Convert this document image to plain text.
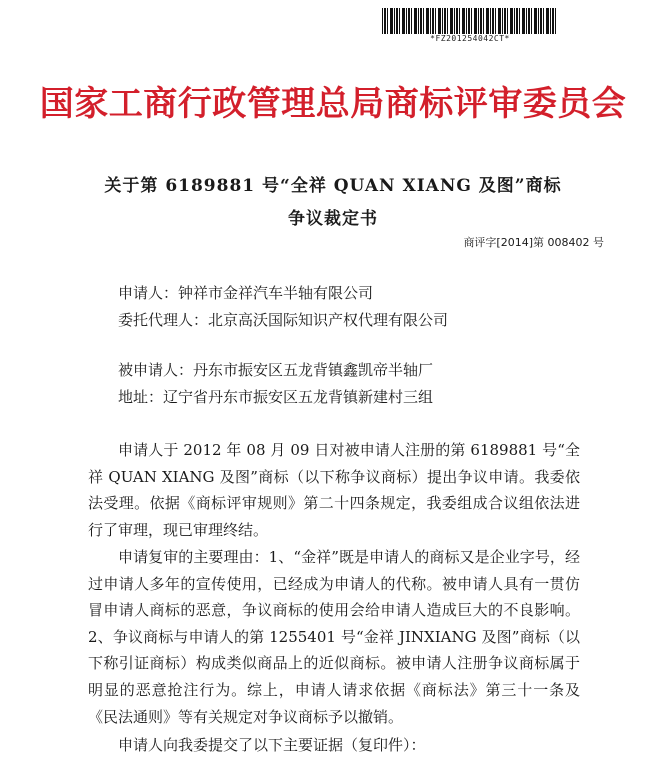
*FZ201254042CT*
国家工商行政管理总局商标评审委员会
关于第 6189881 号“全祥 QUAN XIANG 及图”商标
争议裁定书
商评字[2014]第 008402 号
申请人：钟祥市金祥汽车半轴有限公司
委托代理人：北京高沃国际知识产权代理有限公司
被申请人：丹东市振安区五龙背镇鑫凯帝半轴厂
地址：辽宁省丹东市振安区五龙背镇新建村三组

申请人于 2012 年 08 月 09 日对被申请人注册的第 6189881 号“全祥 QUAN XIANG 及图”商标（以下称争议商标）提出争议申请。我委依法受理。依据《商标评审规则》第二十四条规定，我委组成合议组依法进行了审理，现已审理终结。

申请复审的主要理由：1、“金祥”既是申请人的商标又是企业字号，经过申请人多年的宣传使用，已经成为申请人的代称。被申请人具有一贯仿冒申请人商标的恶意，争议商标的使用会给申请人造成巨大的不良影响。2、争议商标与申请人的第 1255401 号“金祥 JINXIANG 及图”商标（以下称引证商标）构成类似商品上的近似商标。被申请人注册争议商标属于明显的恶意抢注行为。综上，申请人请求依据《商标法》第三十一条及《民法通则》等有关规定对争议商标予以撤销。

申请人向我委提交了以下主要证据（复印件）：
